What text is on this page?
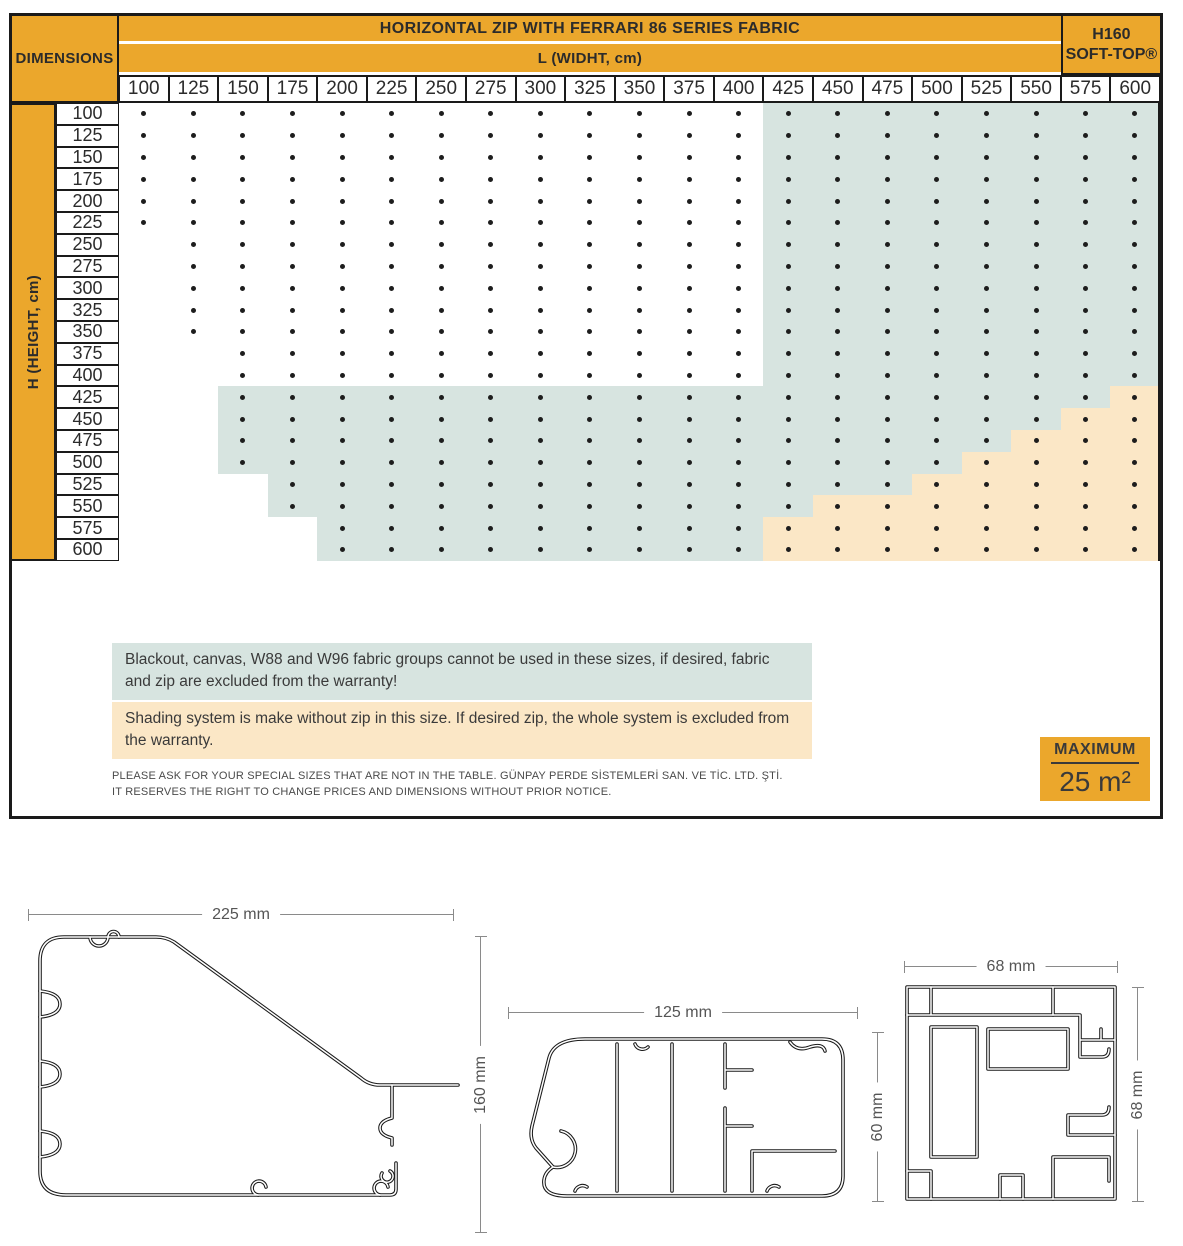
DIMENSIONS
HORIZONTAL ZIP WITH FERRARI 86 SERIES FABRIC	H160
SOFT-TOP®
L (WIDHT, cm)
H (HEIGHT, cm)
100 125 150 175 200 225 250 275 300 325 350 375 400 425 450 475 500 525 550 575 600
100
125
150
175
200
225
250
275
300
325
350
375
400
425
450
475
500
525
550
575
600
Blackout, canvas, W88 and W96 fabric groups cannot be used in these sizes, if desired, fabric and zip are excluded from the warranty!
Shading system is make without zip in this size. If desired zip, the whole system is excluded from the warranty.
PLEASE ASK FOR YOUR SPECIAL SIZES THAT ARE NOT IN THE TABLE. GÜNPAY PERDE SİSTEMLERİ SAN. VE TİC. LTD. ŞTİ.
IT RESERVES THE RIGHT TO CHANGE PRICES AND DIMENSIONS WITHOUT PRIOR NOTICE.
MAXIMUM
25 m²
225 mm
160 mm
125 mm
60 mm
68 mm
68 mm
